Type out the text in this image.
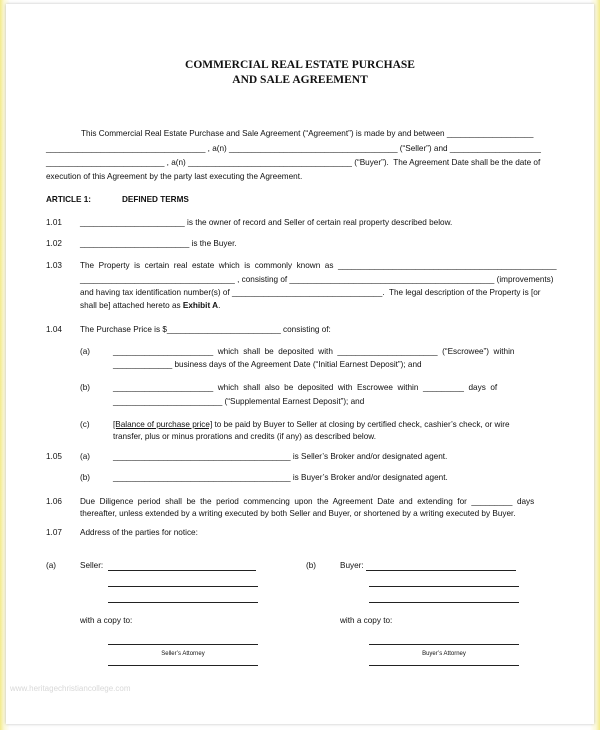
COMMERCIAL REAL ESTATE PURCHASE
AND SALE AGREEMENT
This Commercial Real Estate Purchase and Sale Agreement (“Agreement”) is made by and between ___________________
___________________________________ , a(n) _____________________________________ (“Seller”) and ____________________
__________________________ , a(n) ____________________________________ (“Buyer”).  The Agreement Date shall be the date of
execution of this Agreement by the party last executing the Agreement.
ARTICLE 1:	DEFINED TERMS
1.01 _______________________ is the owner of record and Seller of certain real property described below.
1.02 ________________________ is the Buyer.
1.03 The  Property  is  certain  real  estate  which  is  commonly  known  as  ________________________________________________
__________________________________ , consisting of _____________________________________________ (improvements)
and having tax identification number(s) of _________________________________.  The legal description of the Property is [or
shall be] attached hereto as Exhibit A.
1.04 The Purchase Price is $_________________________ consisting of:
(a)	______________________  which  shall  be  deposited  with  ______________________  (“Escrowee”)  within
_____________ business days of the Agreement Date (“Initial Earnest Deposit”); and
(b)	______________________  which  shall  also  be  deposited  with  Escrowee  within  _________  days  of
________________________ (“Supplemental Earnest Deposit”); and
(c)	[Balance of purchase price] to be paid by Buyer to Seller at closing by certified check, cashier’s check, or wire
transfer, plus or minus prorations and credits (if any) as described below.
1.05 (a)	_______________________________________ is Seller’s Broker and/or designated agent.
(b)	_______________________________________ is Buyer’s Broker and/or designated agent.
1.06 Due  Diligence  period  shall  be  the  period  commencing  upon  the  Agreement  Date  and  extending  for  _________  days
thereafter, unless extended by a writing executed by both Seller and Buyer, or shortened by a writing executed by Buyer.
1.07 Address of the parties for notice:
(a)	Seller:
with a copy to:
Seller’s Attorney
(b)	Buyer:
with a copy to:
Buyer’s Attorney
www.heritagechristiancollege.com
